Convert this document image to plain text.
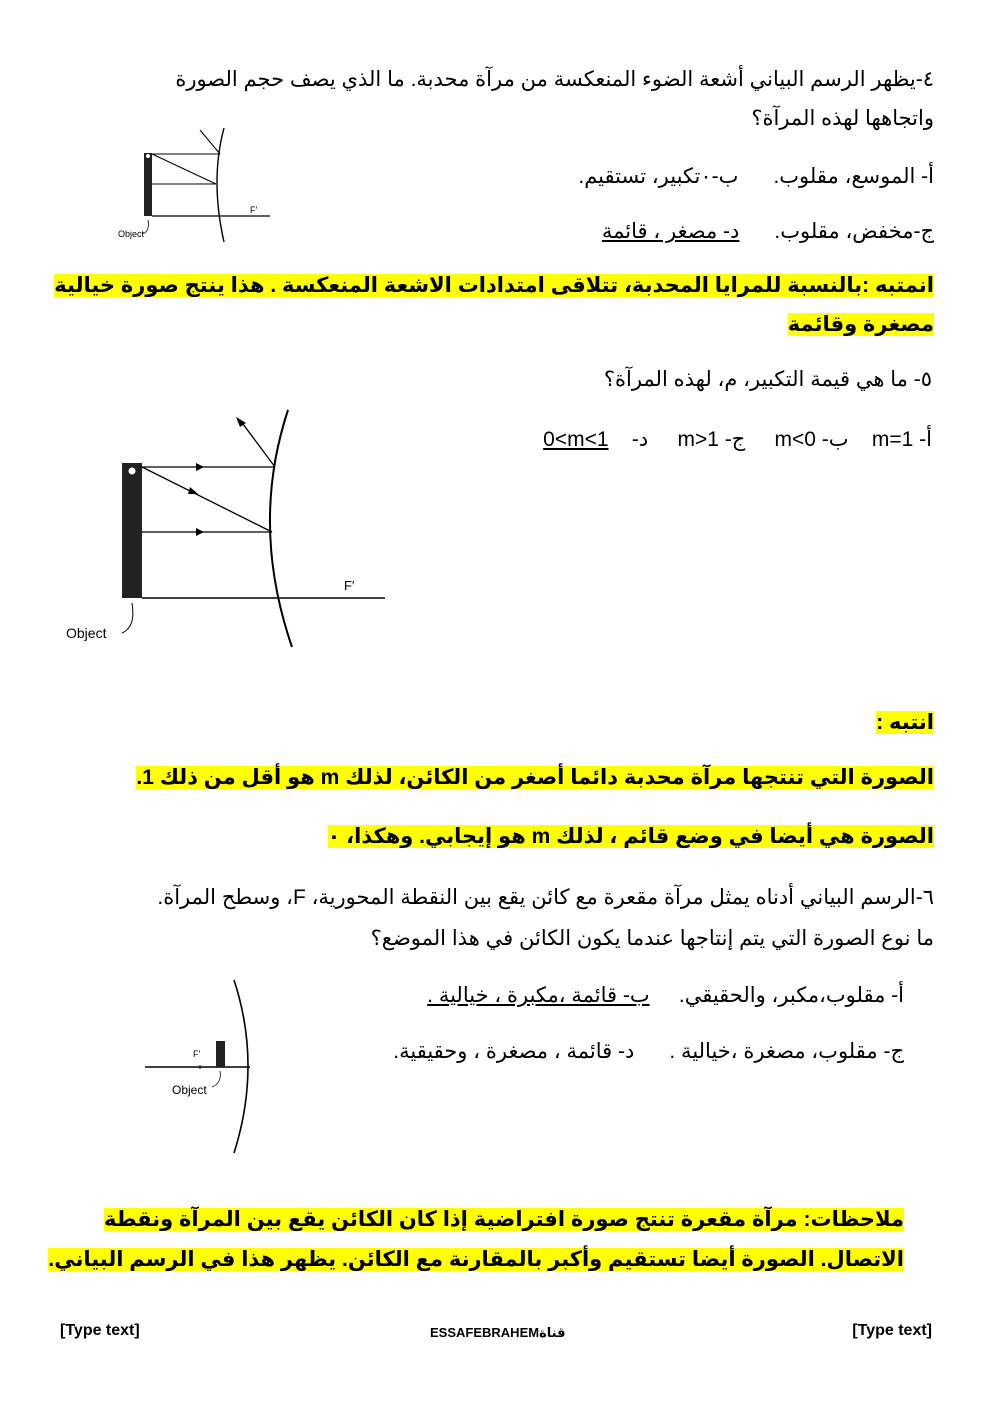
٤-يظهر الرسم البياني أشعة الضوء المنعكسة من مرآة محدبة. ما الذي يصف حجم الصورة
واتجاهها لهذه المرآة؟
أ- الموسع، مقلوب.      ب-٠تكبير، تستقيم.
ج-مخفض، مقلوب.      د- مصغر ، قائمة
F′
Object
انمتبه :بالنسبة للمرايا المحدبة، تتلاقى امتدادات الاشعة المنعكسة . هذا ينتج صورة خيالية
مصغرة وقائمة
٥- ما هي قيمة التكبير، م، لهذه المرآة؟
أ- m=1    ب- m<0     ج- m>1     د-    0<m<1
F′
Object
انتبه :
الصورة التي تنتجها مرآة محدبة دائما أصغر من الكائن، لذلك m هو أقل من ذلك 1.
الصورة هي أيضا في وضع قائم ، لذلك m هو إيجابي. وهكذا، ٠
٦-الرسم البياني أدناه يمثل مرآة مقعرة مع كائن يقع بين النقطة المحورية، F، وسطح المرآة.
ما نوع الصورة التي يتم إنتاجها عندما يكون الكائن في هذا الموضع؟
أ- مقلوب،مكبر، والحقيقي.     ب- قائمة ،مكبرة ، خيالية .
ج- مقلوب، مصغرة ،خيالية .      د- قائمة ، مصغرة ، وحقيقية.
F′
Object
ملاحظات: مرآة مقعرة تنتج صورة افتراضية إذا كان الكائن يقع بين المرآة ونقطة
الاتصال. الصورة أيضا تستقيم وأكبر بالمقارنة مع الكائن. يظهر هذا في الرسم البياني.
[Type text]	ESSAFEBRAHEMقناة	[Type text]
